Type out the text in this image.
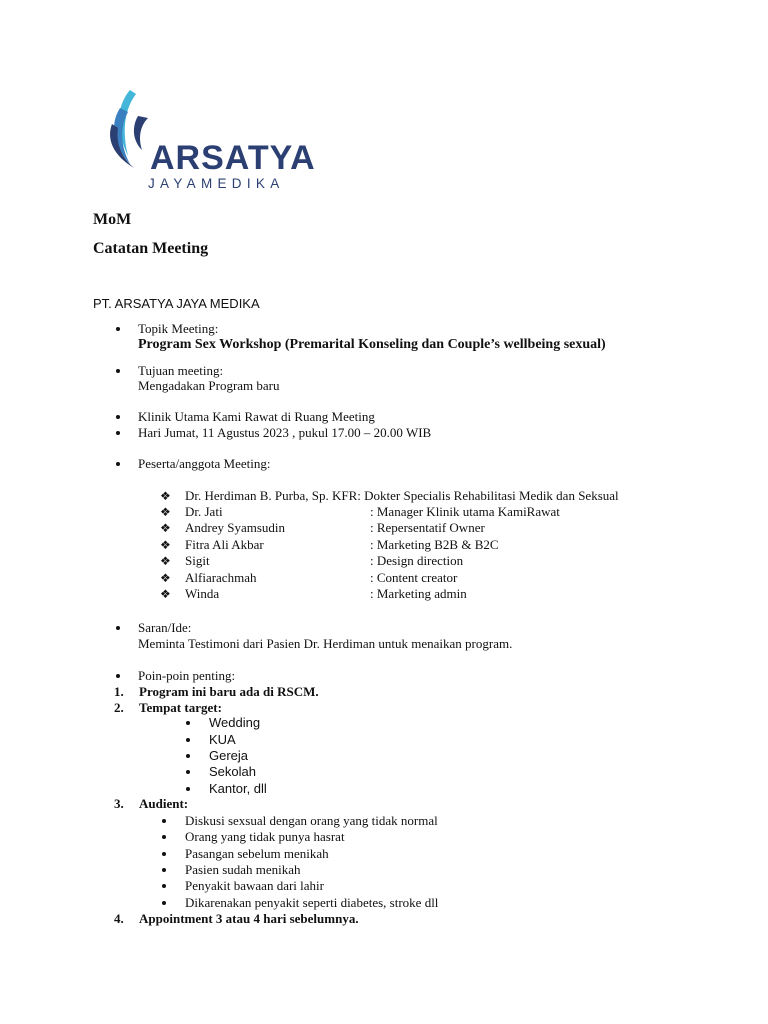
ARSATYA
JAYAMEDIKA
MoM
Catatan Meeting
PT. ARSATYA JAYA MEDIKA
Topik Meeting:
Program Sex Workshop (Premarital Konseling dan Couple’s wellbeing sexual)
Tujuan meeting:
Mengadakan Program baru
Klinik Utama Kami Rawat di Ruang Meeting
Hari Jumat, 11 Agustus 2023 , pukul 17.00 – 20.00 WIB
Peserta/anggota Meeting:
❖ Dr. Herdiman B. Purba, Sp. KFR: Dokter Specialis Rehabilitasi Medik dan Seksual
❖ Dr. Jati	: Manager Klinik utama KamiRawat
❖ Andrey Syamsudin	: Repersentatif Owner
❖ Fitra Ali Akbar	: Marketing B2B & B2C
❖ Sigit	: Design direction
❖ Alfiarachmah	: Content creator
❖ Winda	: Marketing admin
Saran/Ide:
Meminta Testimoni dari Pasien Dr. Herdiman untuk menaikan program.
Poin-poin penting:
1. Program ini baru ada di RSCM.
2. Tempat target:
Wedding
KUA
Gereja
Sekolah
Kantor, dll
3. Audient:
Diskusi sexsual dengan orang yang tidak normal
Orang yang tidak punya hasrat
Pasangan sebelum menikah
Pasien sudah menikah
Penyakit bawaan dari lahir
Dikarenakan penyakit seperti diabetes, stroke dll
4. Appointment 3 atau 4 hari sebelumnya.
